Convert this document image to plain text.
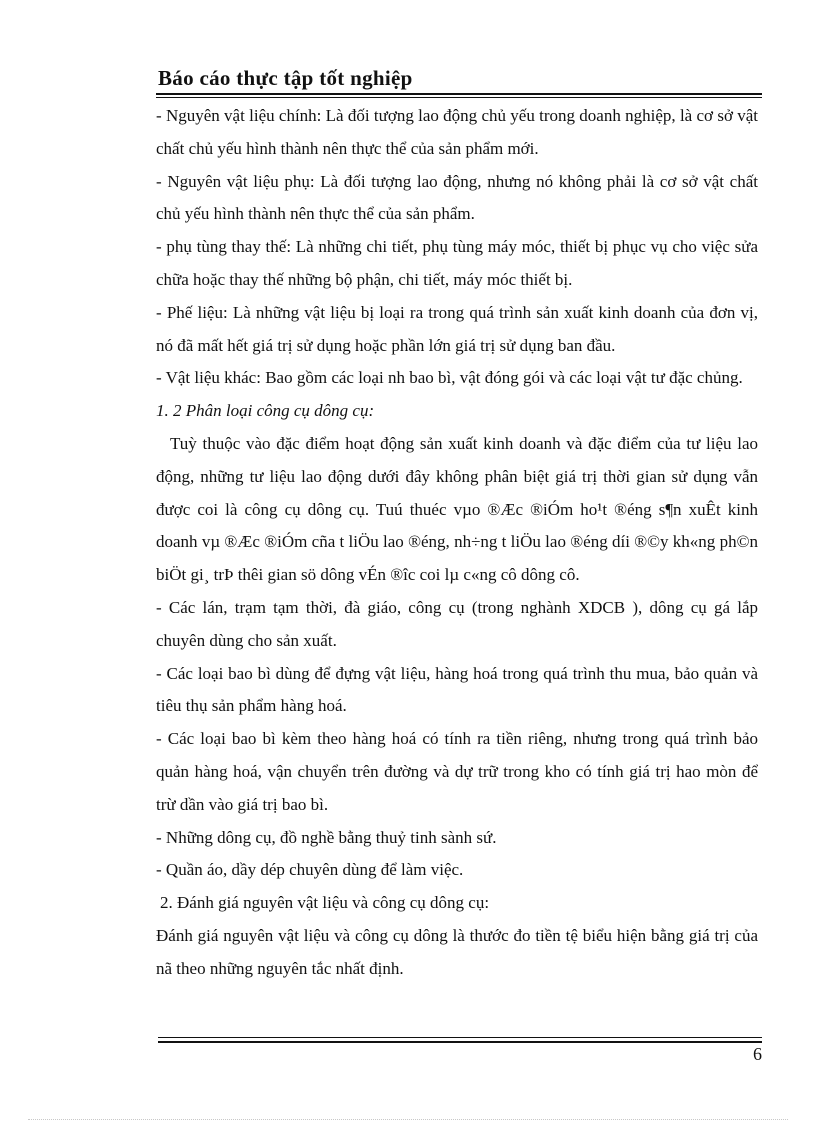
Báo cáo thực tập tốt nghiệp

- Nguyên vật liệu chính: Là đối tượng lao động chủ yếu trong doanh nghiệp, là cơ sở vật chất chủ yếu hình thành nên thực thể của sản phẩm mới.

- Nguyên vật liệu phụ: Là đối tượng lao động, nhưng nó không phải là cơ sở vật chất chủ yếu hình thành nên thực thể của sản phẩm.

- phụ tùng thay thế: Là những chi tiết, phụ tùng máy móc, thiết bị phục vụ cho việc sửa chữa hoặc thay thế những bộ phận, chi tiết, máy móc thiết bị.

- Phế liệu: Là những vật liệu bị loại ra trong quá trình sản xuất kinh doanh của đơn vị, nó đã mất hết giá trị sử dụng hoặc phần lớn giá trị sử dụng ban đầu.

- Vật liệu khác: Bao gồm các loại nh bao bì, vật đóng gói và các loại vật tư đặc chủng.

1. 2 Phân loại công cụ dông cụ:

Tuỳ thuộc vào đặc điểm hoạt động sản xuất kinh doanh và đặc điểm của tư liệu lao động, những tư liệu lao động dưới đây không phân biệt giá trị thời gian sử dụng vẫn được coi là công cụ dông cụ. Tuú thuéc vµo ®Æc ®iÓm ho¹t ®éng s¶n xuÊt kinh doanh vµ ®Æc ®iÓm cña t liÖu lao ®éng, nh÷ng t liÖu lao ®éng díi ®©y kh«ng ph©n biÖt gi¸ trÞ thêi gian sö dông vÉn ®îc coi lµ c«ng cô dông cô.

- Các lán, trạm tạm thời, đà giáo, công cụ (trong nghành XDCB ), dông cụ gá lắp chuyên dùng cho sản xuất.

- Các loại bao bì dùng để đựng vật liệu, hàng hoá trong quá trình thu mua, bảo quản và tiêu thụ sản phẩm hàng hoá.

- Các loại bao bì kèm theo hàng hoá có tính ra tiền riêng, nhưng trong quá trình bảo quản hàng hoá, vận chuyển trên đường và dự trữ trong kho có tính giá trị hao mòn để trừ dần vào giá trị bao bì.

- Những dông cụ, đồ nghề bằng thuỷ tinh sành sứ.

- Quần áo, dầy dép chuyên dùng để làm việc.

2. Đánh giá nguyên vật liệu và công cụ dông cụ:

Đánh giá nguyên vật liệu và công cụ dông là thước đo tiền tệ biểu hiện bằng giá trị của nã theo những nguyên tắc nhất định.

6
